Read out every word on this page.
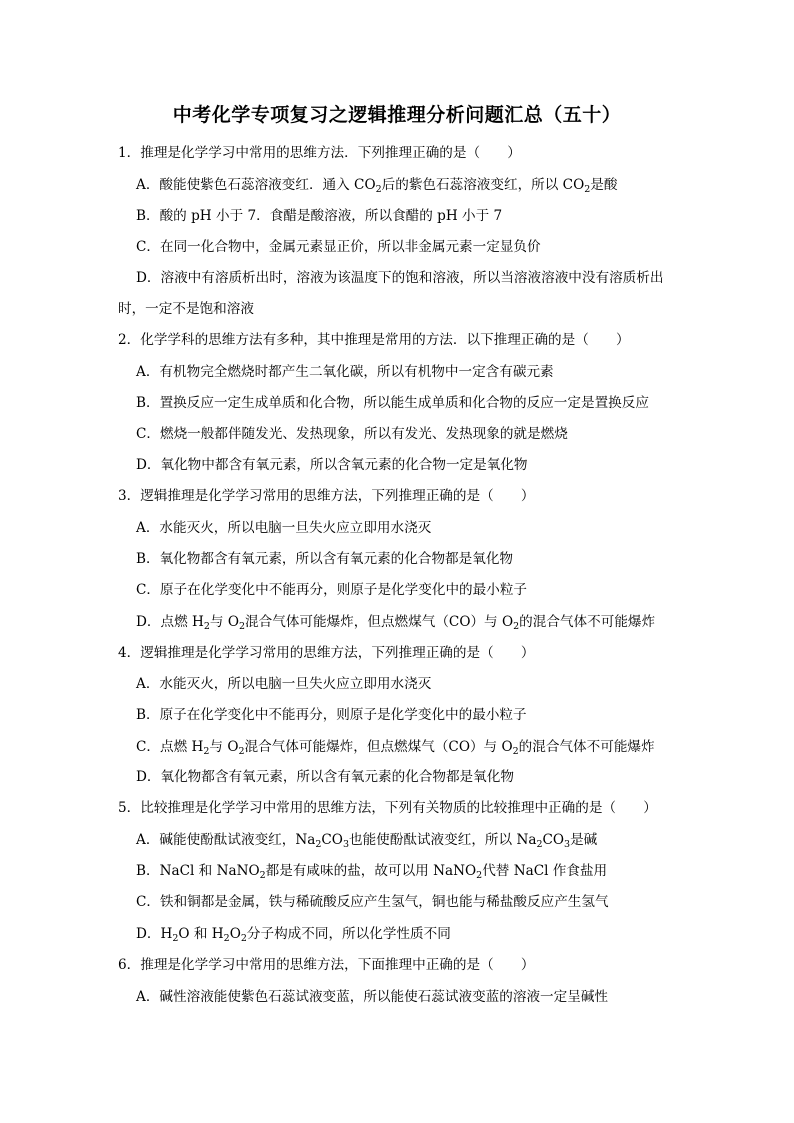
中考化学专项复习之逻辑推理分析问题汇总（五十）
1．推理是化学学习中常用的思维方法．下列推理正确的是（　　）
A．酸能使紫色石蕊溶液变红．通入 $CO_2$后的紫色石蕊溶液变红，所以 $CO_2$是酸
B．酸的 pH 小于 7．食醋是酸溶液，所以食醋的 pH 小于 7
C．在同一化合物中，金属元素显正价，所以非金属元素一定显负价
D．溶液中有溶质析出时，溶液为该温度下的饱和溶液，所以当溶液溶液中没有溶质析出
时，一定不是饱和溶液
2．化学学科的思维方法有多种，其中推理是常用的方法．以下推理正确的是（　　）
A．有机物完全燃烧时都产生二氧化碳，所以有机物中一定含有碳元素
B．置换反应一定生成单质和化合物，所以能生成单质和化合物的反应一定是置换反应
C．燃烧一般都伴随发光、发热现象，所以有发光、发热现象的就是燃烧
D．氧化物中都含有氧元素，所以含氧元素的化合物一定是氧化物
3．逻辑推理是化学学习常用的思维方法，下列推理正确的是（　　）
A．水能灭火，所以电脑一旦失火应立即用水浇灭
B．氧化物都含有氧元素，所以含有氧元素的化合物都是氧化物
C．原子在化学变化中不能再分，则原子是化学变化中的最小粒子
D．点燃 $H_2$与 $O_2$混合气体可能爆炸，但点燃煤气（CO）与 $O_2$的混合气体不可能爆炸
4．逻辑推理是化学学习常用的思维方法，下列推理正确的是（　　）
A．水能灭火，所以电脑一旦失火应立即用水浇灭
B．原子在化学变化中不能再分，则原子是化学变化中的最小粒子
C．点燃 $H_2$与 $O_2$混合气体可能爆炸，但点燃煤气（CO）与 $O_2$的混合气体不可能爆炸
D．氧化物都含有氧元素，所以含有氧元素的化合物都是氧化物
5．比较推理是化学学习中常用的思维方法，下列有关物质的比较推理中正确的是（　　）
A．碱能使酚酞试液变红，$Na_2CO_3$也能使酚酞试液变红，所以 $Na_2CO_3$是碱
B．NaCl 和 NaNO$_2$都是有咸味的盐，故可以用 NaNO$_2$代替 NaCl 作食盐用
C．铁和铜都是金属，铁与稀硫酸反应产生氢气，铜也能与稀盐酸反应产生氢气
D．$H_2O$ 和 $H_2O_2$分子构成不同，所以化学性质不同
6．推理是化学学习中常用的思维方法，下面推理中正确的是（　　）
A．碱性溶液能使紫色石蕊试液变蓝，所以能使石蕊试液变蓝的溶液一定呈碱性
